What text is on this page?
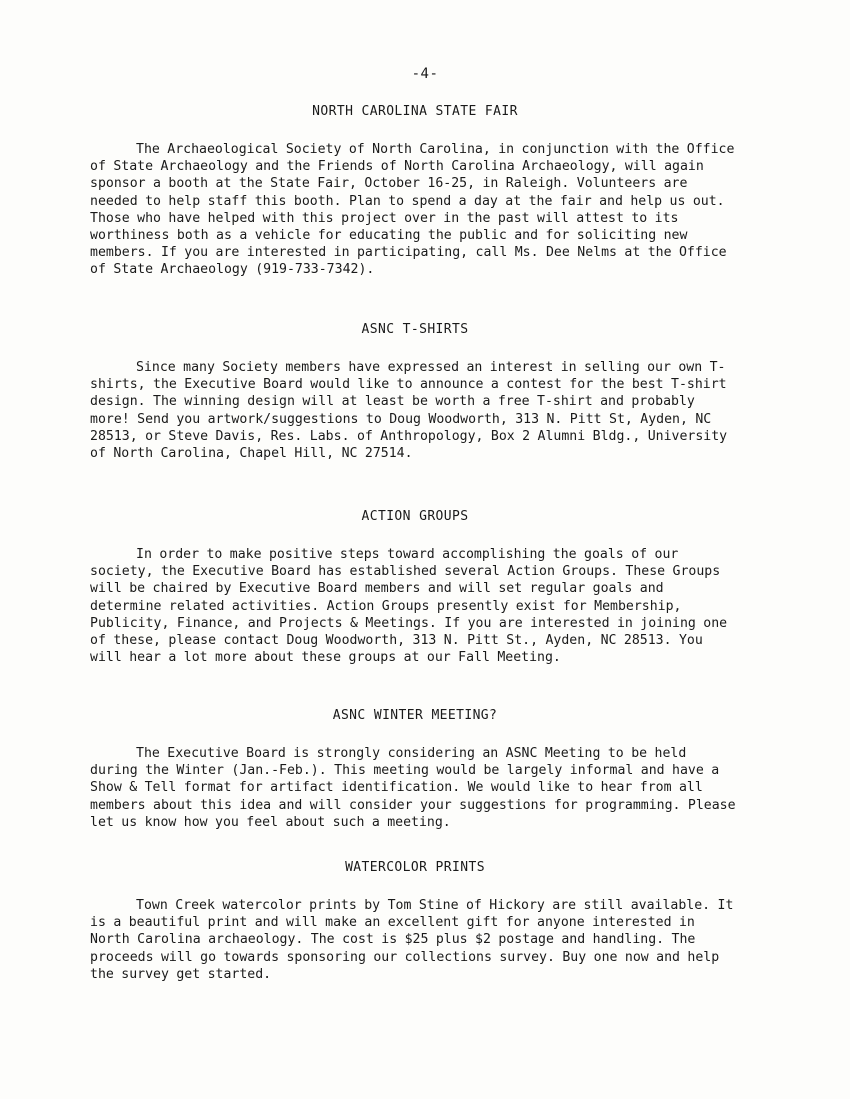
-4-
NORTH CAROLINA STATE FAIR

The Archaeological Society of North Carolina, in conjunction with the Office of State Archaeology and the Friends of North Carolina Archaeology, will again sponsor a booth at the State Fair, October 16-25, in Raleigh. Volunteers are needed to help staff this booth. Plan to spend a day at the fair and help us out. Those who have helped with this project over in the past will attest to its worthiness both as a vehicle for educating the public and for soliciting new members. If you are interested in participating, call Ms. Dee Nelms at the Office of State Archaeology (919-733-7342).

ASNC T-SHIRTS

Since many Society members have expressed an interest in selling our own T-shirts, the Executive Board would like to announce a contest for the best T-shirt design. The winning design will at least be worth a free T-shirt and probably more! Send you artwork/suggestions to Doug Woodworth, 313 N. Pitt St, Ayden, NC 28513, or Steve Davis, Res. Labs. of Anthropology, Box 2 Alumni Bldg., University of North Carolina, Chapel Hill, NC 27514.

ACTION GROUPS

In order to make positive steps toward accomplishing the goals of our society, the Executive Board has established several Action Groups. These Groups will be chaired by Executive Board members and will set regular goals and determine related activities. Action Groups presently exist for Membership, Publicity, Finance, and Projects & Meetings. If you are interested in joining one of these, please contact Doug Woodworth, 313 N. Pitt St., Ayden, NC 28513. You will hear a lot more about these groups at our Fall Meeting.

ASNC WINTER MEETING?

The Executive Board is strongly considering an ASNC Meeting to be held during the Winter (Jan.-Feb.). This meeting would be largely informal and have a Show & Tell format for artifact identification. We would like to hear from all members about this idea and will consider your suggestions for programming. Please let us know how you feel about such a meeting.

WATERCOLOR PRINTS

Town Creek watercolor prints by Tom Stine of Hickory are still available. It is a beautiful print and will make an excellent gift for anyone interested in North Carolina archaeology. The cost is $25 plus $2 postage and handling. The proceeds will go towards sponsoring our collections survey. Buy one now and help the survey get started.
